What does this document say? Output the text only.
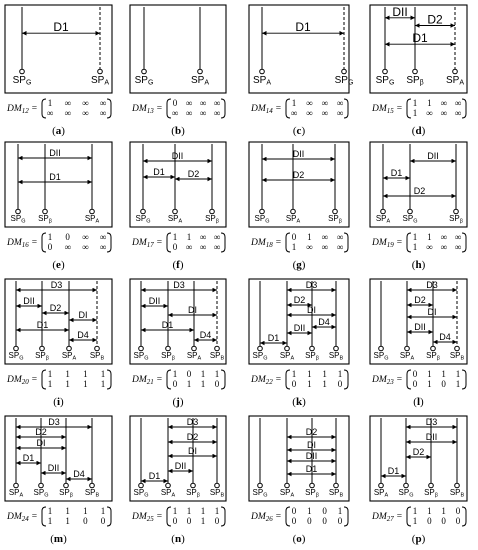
SPG	SPA
D1
$DM_{12}$ =
1 ∞ ∞ ∞
∞ ∞ ∞ ∞
(a)
SPG	SPA
$DM_{13}$ =
0 ∞ ∞ ∞
∞ ∞ ∞ ∞
(b)
SPA	SPG
D1
$DM_{14}$ =
1 ∞ ∞ ∞
∞ ∞ ∞ ∞
(c)
SPG SPβ SPA
DII
D2
D1
$DM_{15}$ =
1 1 ∞ ∞
1 ∞ ∞ ∞
(d)
SPG SPβ	SPA
DII
D1
$DM_{16}$ =
1 0 ∞ ∞
0 ∞ ∞ ∞
(e)
SPG SPA	SPβ
DII
D1	D2
$DM_{17}$ =
1 1 ∞ ∞
0 ∞ ∞ ∞
(f)
SPG SPA	SPβ
DII
D2
$DM_{18}$ =
0 1 ∞ ∞
1 ∞ ∞ ∞
(g)
SPA SPG	SPβ
DII
D1
D2
$DM_{19}$ =
1 1 ∞ ∞
1 ∞ ∞ ∞
(h)
SPG SPβ SPA SPB
D3
DII
D2
DI
D1
D4
$DM_{20}$ =
1 1 1 1
1 1 1 1
(i)
SPG SPβ SPA SPB
D3
DII
DI
D1
D4
$DM_{21}$ =
1 0 1 1
0 1 1 0
(j)
SPG SPA SPβ SPB
D3
D2
DI
D4
DII
D1
$DM_{22}$ =
1 1 1 1
0 1 1 0
(k)
SPG SPA SPβ SPB
D3
D2
DI
DII
D4
$DM_{23}$ =
0 1 1 1
0 1 0 1
(l)
SPA SPG SPβ SPB
D3
D2
DI
D1
DII
D4
$DM_{24}$ =
1 1 1 1
1 1 0 0
(m)
SPG SPA SPβ SPB
D3
D2
DI
DII
D1
$DM_{25}$ =
1 1 1 1
0 0 1 0
(n)
SPG SPA SPβ SPB
D2
DI
DII
D1
$DM_{26}$ =
0 1 0 1
0 0 0 0
(o)
SPA SPG SPβ SPB
D3
DII
D2
D1
$DM_{27}$ =
1 1 1 0
1 0 0 0
(p)
